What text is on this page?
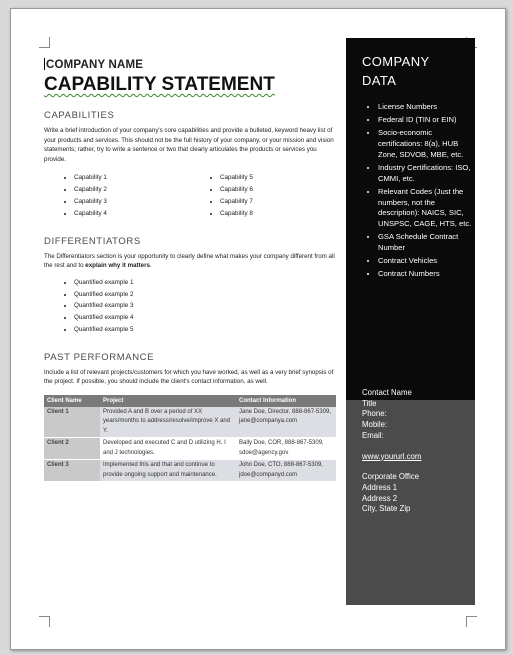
COMPANY NAME
CAPABILITY STATEMENT
CAPABILITIES
Write a brief introduction of your company's core capabilities and provide a bulleted, keyword heavy list of your products and services. This should not be the full history of your company, or your mission and vision statements; rather, try to write a sentence or two that clearly articulates the products or services you provide.
• Capability 1
• Capability 2
• Capability 3
• Capability 4
• Capability 5
• Capability 6
• Capability 7
• Capability 8
DIFFERENTIATORS
The Differentiators section is your opportunity to clearly define what makes your company different from all the rest and to explain why it matters.
• Quantified example 1
• Quantified example 2
• Quantified example 3
• Quantified example 4
• Quantified example 5
PAST PERFORMANCE
Include a list of relevant projects/customers for which you have worked, as well as a very brief synopsis of the project. If possible, you should include the client's contact information, as well.
Client Name	Project	Contact Information
Client 1	Provided A and B over a period of XX years/months to address/resolve/improve X and Y.	Jane Doe, Director, 888-867-5309, jane@companya.com
Client 2	Developed and executed C and D utilizing H, I and J technologies.	Bally Doe, COR, 888-867-5309, sdoe@agency.gov
Client 3	Implemented this and that and continue to provide ongoing support and maintenance.	John Doe, CTO, 888-867-5309, jdoe@companyd.com
COMPANY
DATA
• License Numbers
• Federal ID (TIN or EIN)
• Socio-economic certifications: 8(a), HUB Zone, SDVOB, MBE, etc.
• Industry Certifications: ISO, CMMI, etc.
• Relevant Codes (Just the numbers, not the description): NAICS, SIC, UNSPSC, CAGE, HTS, etc.
• GSA Schedule Contract Number
• Contract Vehicles
• Contract Numbers
Contact Name
Title
Phone:
Mobile:
Email:
www.yoururl.com
Corporate Office
Address 1
Address 2
City, State Zip
